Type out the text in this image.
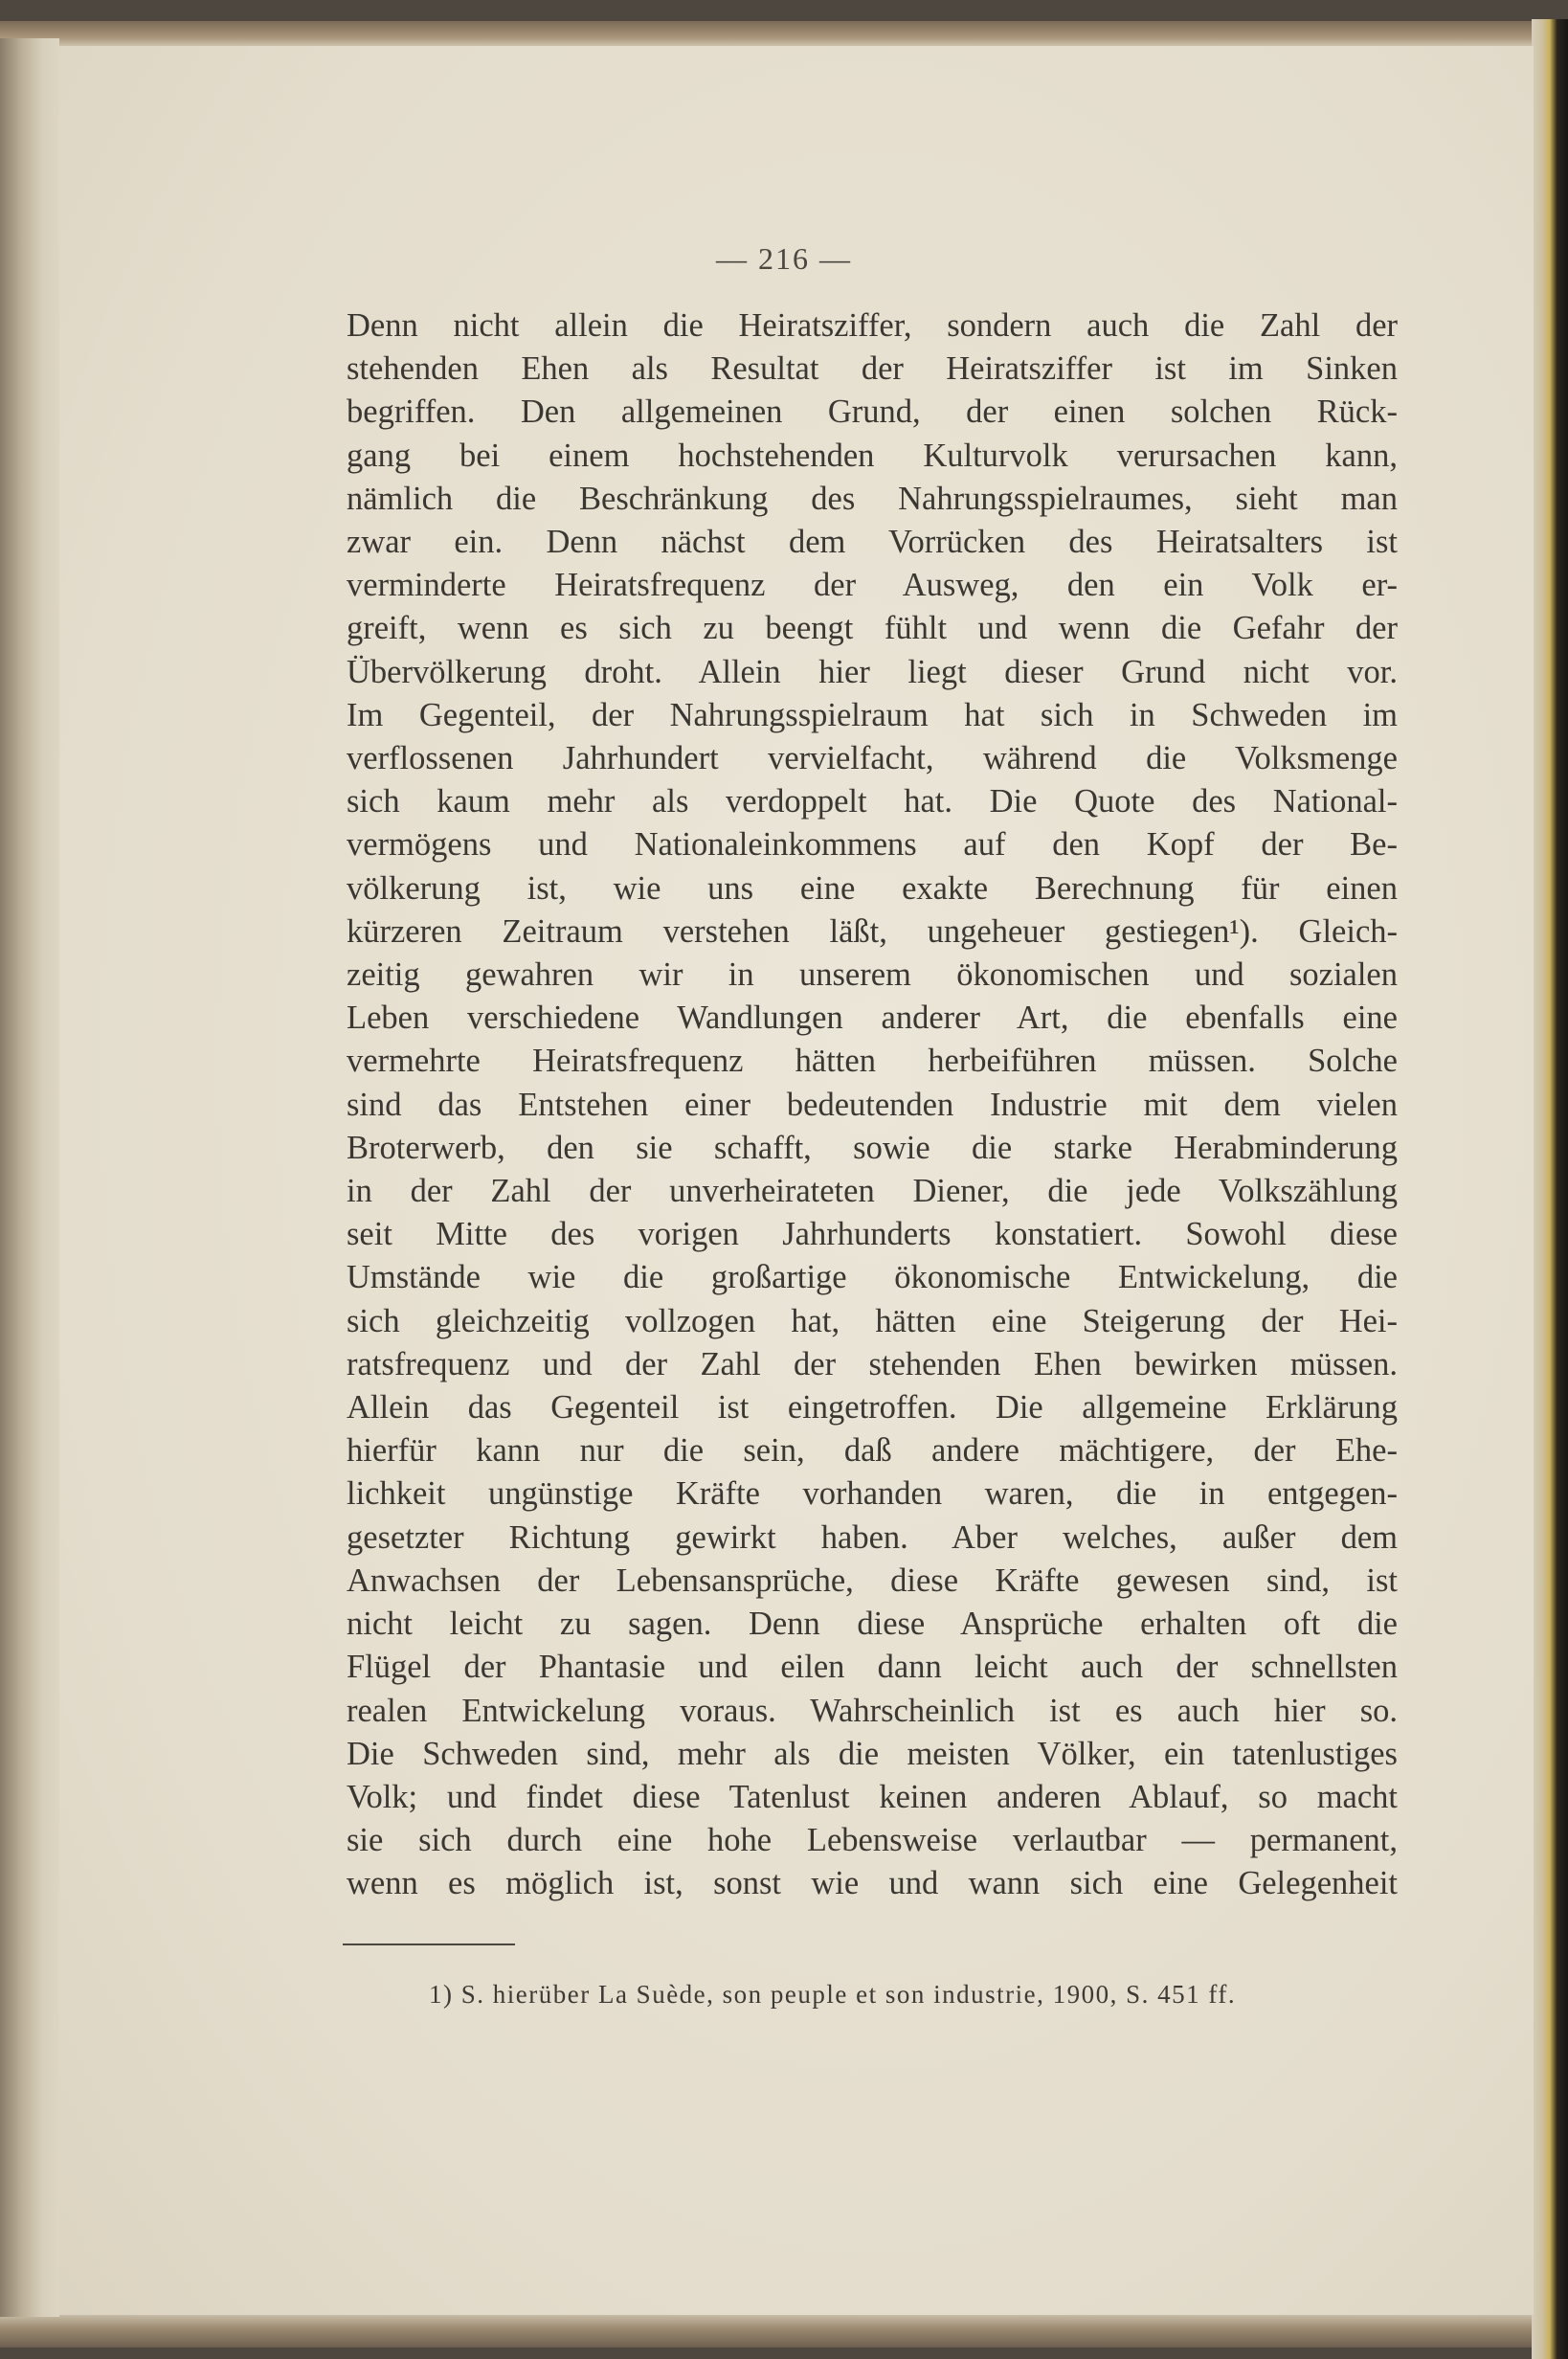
— 216 —
Denn nicht allein die Heiratsziffer, sondern auch die Zahl der
stehenden Ehen als Resultat der Heiratsziffer ist im Sinken
begriffen. Den allgemeinen Grund, der einen solchen Rück-
gang bei einem hochstehenden Kulturvolk verursachen kann,
nämlich die Beschränkung des Nahrungsspielraumes, sieht man
zwar ein. Denn nächst dem Vorrücken des Heiratsalters ist
verminderte Heiratsfrequenz der Ausweg, den ein Volk er-
greift, wenn es sich zu beengt fühlt und wenn die Gefahr der
Übervölkerung droht. Allein hier liegt dieser Grund nicht vor.
Im Gegenteil, der Nahrungsspielraum hat sich in Schweden im
verflossenen Jahrhundert vervielfacht, während die Volksmenge
sich kaum mehr als verdoppelt hat. Die Quote des National-
vermögens und Nationaleinkommens auf den Kopf der Be-
völkerung ist, wie uns eine exakte Berechnung für einen
kürzeren Zeitraum verstehen läßt, ungeheuer gestiegen¹). Gleich-
zeitig gewahren wir in unserem ökonomischen und sozialen
Leben verschiedene Wandlungen anderer Art, die ebenfalls eine
vermehrte Heiratsfrequenz hätten herbeiführen müssen. Solche
sind das Entstehen einer bedeutenden Industrie mit dem vielen
Broterwerb, den sie schafft, sowie die starke Herabminderung
in der Zahl der unverheirateten Diener, die jede Volkszählung
seit Mitte des vorigen Jahrhunderts konstatiert. Sowohl diese
Umstände wie die großartige ökonomische Entwickelung, die
sich gleichzeitig vollzogen hat, hätten eine Steigerung der Hei-
ratsfrequenz und der Zahl der stehenden Ehen bewirken müssen.
Allein das Gegenteil ist eingetroffen. Die allgemeine Erklärung
hierfür kann nur die sein, daß andere mächtigere, der Ehe-
lichkeit ungünstige Kräfte vorhanden waren, die in entgegen-
gesetzter Richtung gewirkt haben. Aber welches, außer dem
Anwachsen der Lebensansprüche, diese Kräfte gewesen sind, ist
nicht leicht zu sagen. Denn diese Ansprüche erhalten oft die
Flügel der Phantasie und eilen dann leicht auch der schnellsten
realen Entwickelung voraus. Wahrscheinlich ist es auch hier so.
Die Schweden sind, mehr als die meisten Völker, ein tatenlustiges
Volk; und findet diese Tatenlust keinen anderen Ablauf, so macht
sie sich durch eine hohe Lebensweise verlautbar — permanent,
wenn es möglich ist, sonst wie und wann sich eine Gelegenheit
1) S. hierüber La Suède, son peuple et son industrie, 1900, S. 451 ff.
